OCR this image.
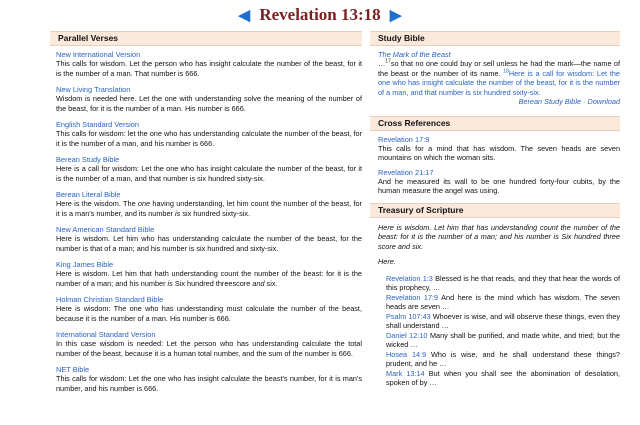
◀ Revelation 13:18 ▶
Parallel Verses
New International Version
This calls for wisdom. Let the person who has insight calculate the number of the beast, for it is the number of a man. That number is 666.
New Living Translation
Wisdom is needed here. Let the one with understanding solve the meaning of the number of the beast, for it is the number of a man. His number is 666.
English Standard Version
This calls for wisdom: let the one who has understanding calculate the number of the beast, for it is the number of a man, and his number is 666.
Berean Study Bible
Here is a call for wisdom: Let the one who has insight calculate the number of the beast, for it is the number of a man, and that number is six hundred sixty-six.
Berean Literal Bible
Here is the wisdom. The one having understanding, let him count the number of the beast, for it is a man's number, and its number is six hundred sixty-six.
New American Standard Bible
Here is wisdom. Let him who has understanding calculate the number of the beast, for the number is that of a man; and his number is six hundred and sixty-six.
King James Bible
Here is wisdom. Let him that hath understanding count the number of the beast: for it is the number of a man; and his number is Six hundred threescore and six.
Holman Christian Standard Bible
Here is wisdom: The one who has understanding must calculate the number of the beast, because it is the number of a man. His number is 666.
International Standard Version
In this case wisdom is needed: Let the person who has understanding calculate the total number of the beast, because it is a human total number, and the sum of the number is 666.
NET Bible
This calls for wisdom: Let the one who has insight calculate the beast's number, for it is man's number, and his number is 666.
Study Bible
The Mark of the Beast
…$^{17}$so that no one could buy or sell unless he had the mark—the name of the beast or the number of its name. $^{18}$Here is a call for wisdom: Let the one who has insight calculate the number of the beast, for it is the number of a man, and that number is six hundred sixty-six.
Berean Study Bible · Download
Cross References
Revelation 17:9
This calls for a mind that has wisdom. The seven heads are seven mountains on which the woman sits.
Revelation 21:17
And he measured its wall to be one hundred forty-four cubits, by the human measure the angel was using.
Treasury of Scripture
Here is wisdom. Let him that has understanding count the number of the beast: for it is the number of a man; and his number is Six hundred three score and six.
Here.
Revelation 1:3 Blessed is he that reads, and they that hear the words of this prophecy, …
Revelation 17:9 And here is the mind which has wisdom. The seven heads are seven …
Psalm 107:43 Whoever is wise, and will observe these things, even they shall understand …
Daniel 12:10 Many shall be purified, and made white, and tried; but the wicked …
Hosea 14:9 Who is wise, and he shall understand these things? prudent, and he …
Mark 13:14 But when you shall see the abomination of desolation, spoken of by …
